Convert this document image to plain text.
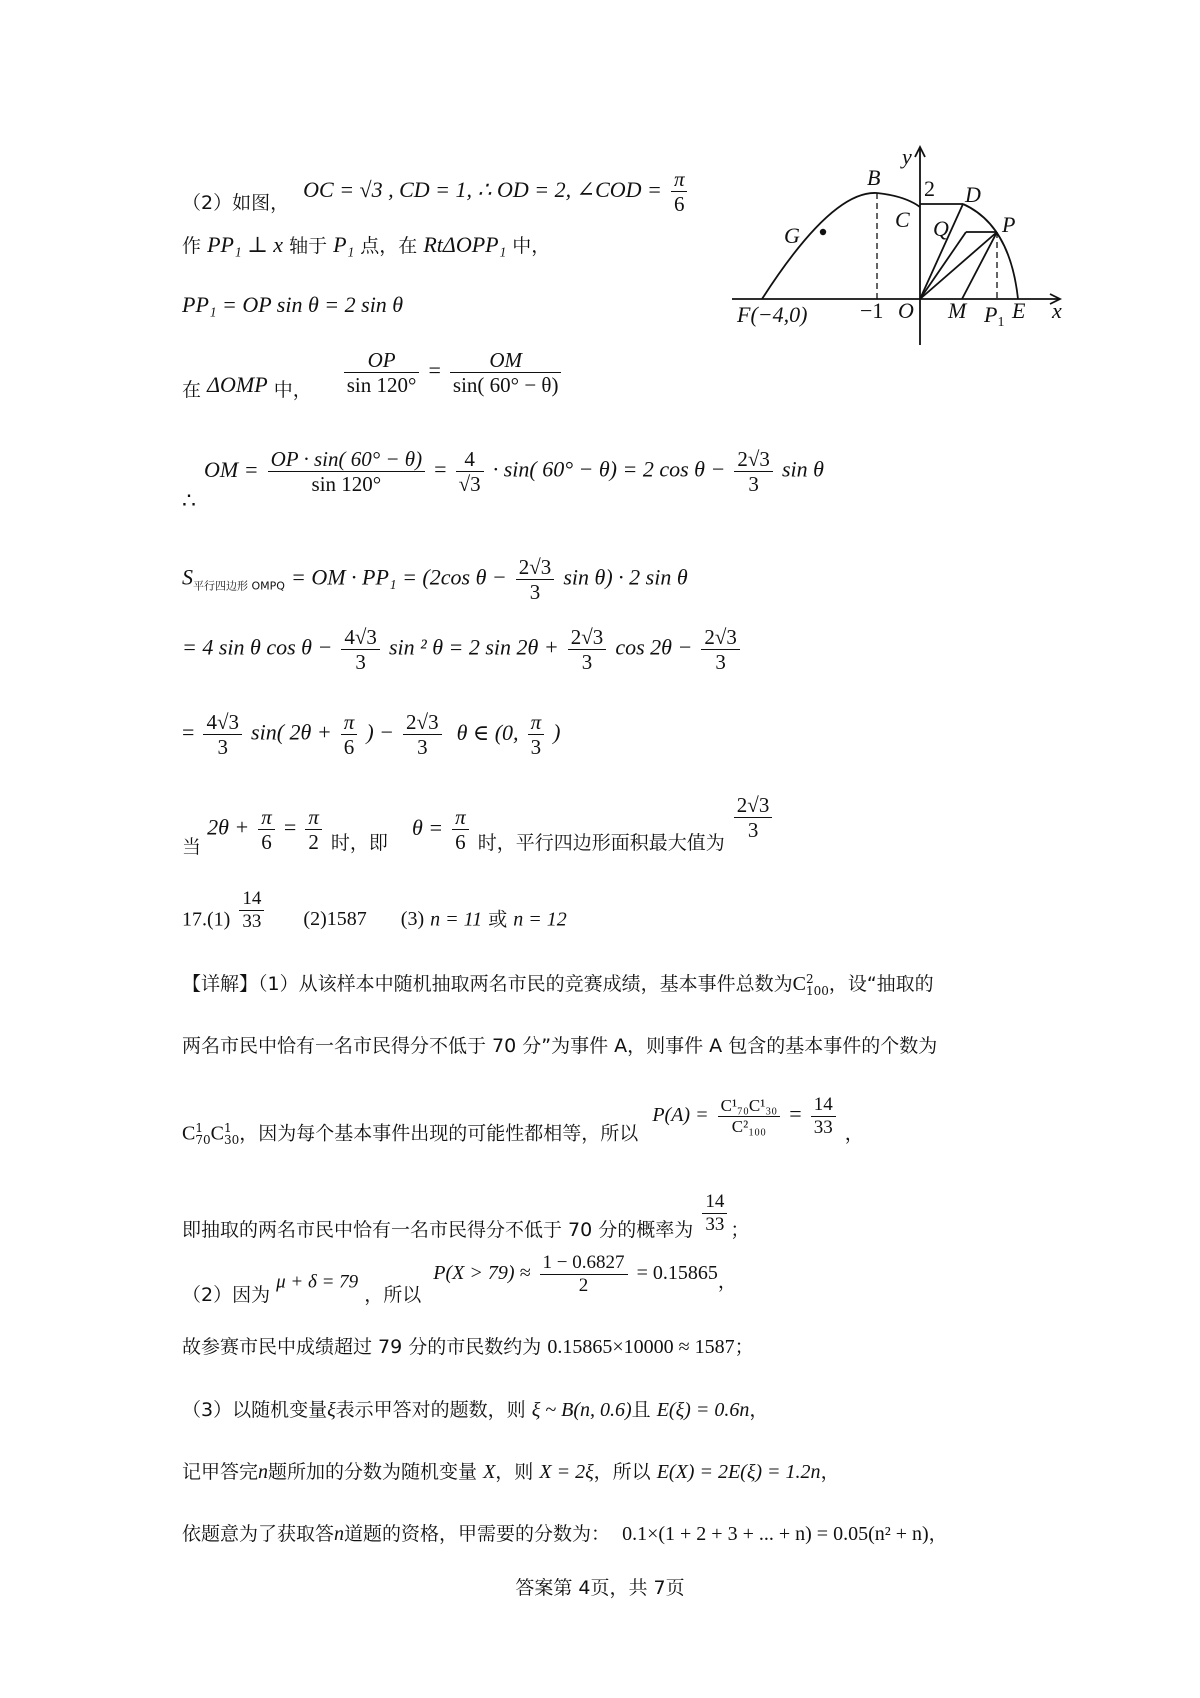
y
x
B 2 D
G
C Q P
F(−4,0) −1 O M P1 E
（2）如图， OC = √3 , CD = 1, ∴ OD = 2, ∠COD = $\frac{\pi}{6}$
作 PP₁ ⊥ x 轴于 P₁ 点，在 RtΔOPP₁ 中，
PP₁ = OP sin θ = 2 sin θ
在 ΔOMP 中， $\frac{OP}{\sin 120^\circ} = \frac{OM}{\sin( 60^\circ - \theta)}$
OM = $\frac{OP \cdot \sin( 60^\circ - \theta)}{\sin 120^\circ} = \frac{4}{√3} \cdot \sin$( 60° − θ) = 2 $\cos \theta - \frac{2√3}{3}$ sin θ
∴
$S_{平行四边形 OMPQ}$ = OM · PP₁ = (2cos $\theta - \frac{2√3}{3}$ sin θ) · 2 sin θ
= 4 sin θ $\cos \theta - \frac{4√3}{3}$ sin ² θ = 2 $\sin 2\theta + \frac{2√3}{3}$ $\cos 2\theta - \frac{2√3}{3}$
= $\frac{4√3}{3} \sin$( $2\theta + \frac{\pi}{6}$ ) − $\frac{2√3}{3}$ θ ∈ (0, $\frac{\pi}{3}$ )
当 $2\theta + \frac{\pi}{6} = \frac{\pi}{2}$ 时，即 $\theta = \frac{\pi}{6}$ 时，平行四边形面积最大值为
$\frac{2√3}{3}$
$17.(1) \frac{14}{33} (2)1587$ (3) n = 11 或 n = 12
【详解】（1）从该样本中随机抽取两名市民的竞赛成绩，基本事件总数为C 2
100 ，设“抽取的
两名市民中恰有一名市民得分不低于 70 分”为事件 A，则事件 A 包含的基本事件的个数为
C 1
70 C 1
30 ，因为每个基本事件出现的可能性都相等，所以 $P(A) = \frac{\text{C¹₇₀C¹₃₀}}{\text{C²₁₀₀}} = \frac{14}{33}$ ，
即抽取的两名市民中恰有一名市民得分不低于 70 分的概率为 $\frac{14}{33}$ ；
（2）因为 μ + δ = 79 ，所以 $P(X > 79) \approx \frac{1 - 0.6827}{2} = 0.15865$，
故参赛市民中成绩超过 79 分的市民数约为 0.15865×10000 ≈ 1587；
（3）以随机变量ξ表示甲答对的题数，则 ξ ~ B(n, 0.6)且 E(ξ) = 0.6n，
记甲答完n题所加的分数为随机变量 X，则 X = 2ξ，所以 E(X) = 2E(ξ) = 1.2n，
依题意为了获取答n道题的资格，甲需要的分数为： 0.1×(1 + 2 + 3 + ... + n) = 0.05(n² + n)，
答案第 4页，共 7页
